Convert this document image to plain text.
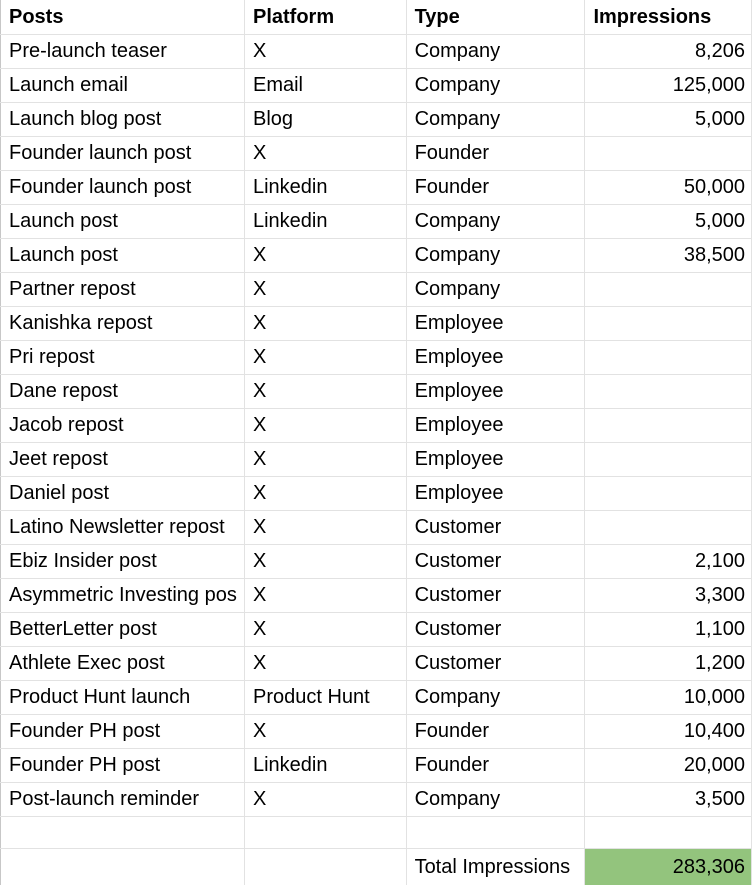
Posts	Platform	Type	Impressions
Pre-launch teaser	X	Company	8,206
Launch email	Email	Company	125,000
Launch blog post	Blog	Company	5,000
Founder launch post	X	Founder	
Founder launch post	Linkedin	Founder	50,000
Launch post	Linkedin	Company	5,000
Launch post	X	Company	38,500
Partner repost	X	Company	
Kanishka repost	X	Employee	
Pri repost	X	Employee	
Dane repost	X	Employee	
Jacob repost	X	Employee	
Jeet repost	X	Employee	
Daniel post	X	Employee	
Latino Newsletter repost	X	Customer	
Ebiz Insider post	X	Customer	2,100
Asymmetric Investing pos	X	Customer	3,300
BetterLetter post	X	Customer	1,100
Athlete Exec post	X	Customer	1,200
Product Hunt launch	Product Hunt	Company	10,000
Founder PH post	X	Founder	10,400
Founder PH post	Linkedin	Founder	20,000
Post-launch reminder	X	Company	3,500

		Total Impressions	283,306
